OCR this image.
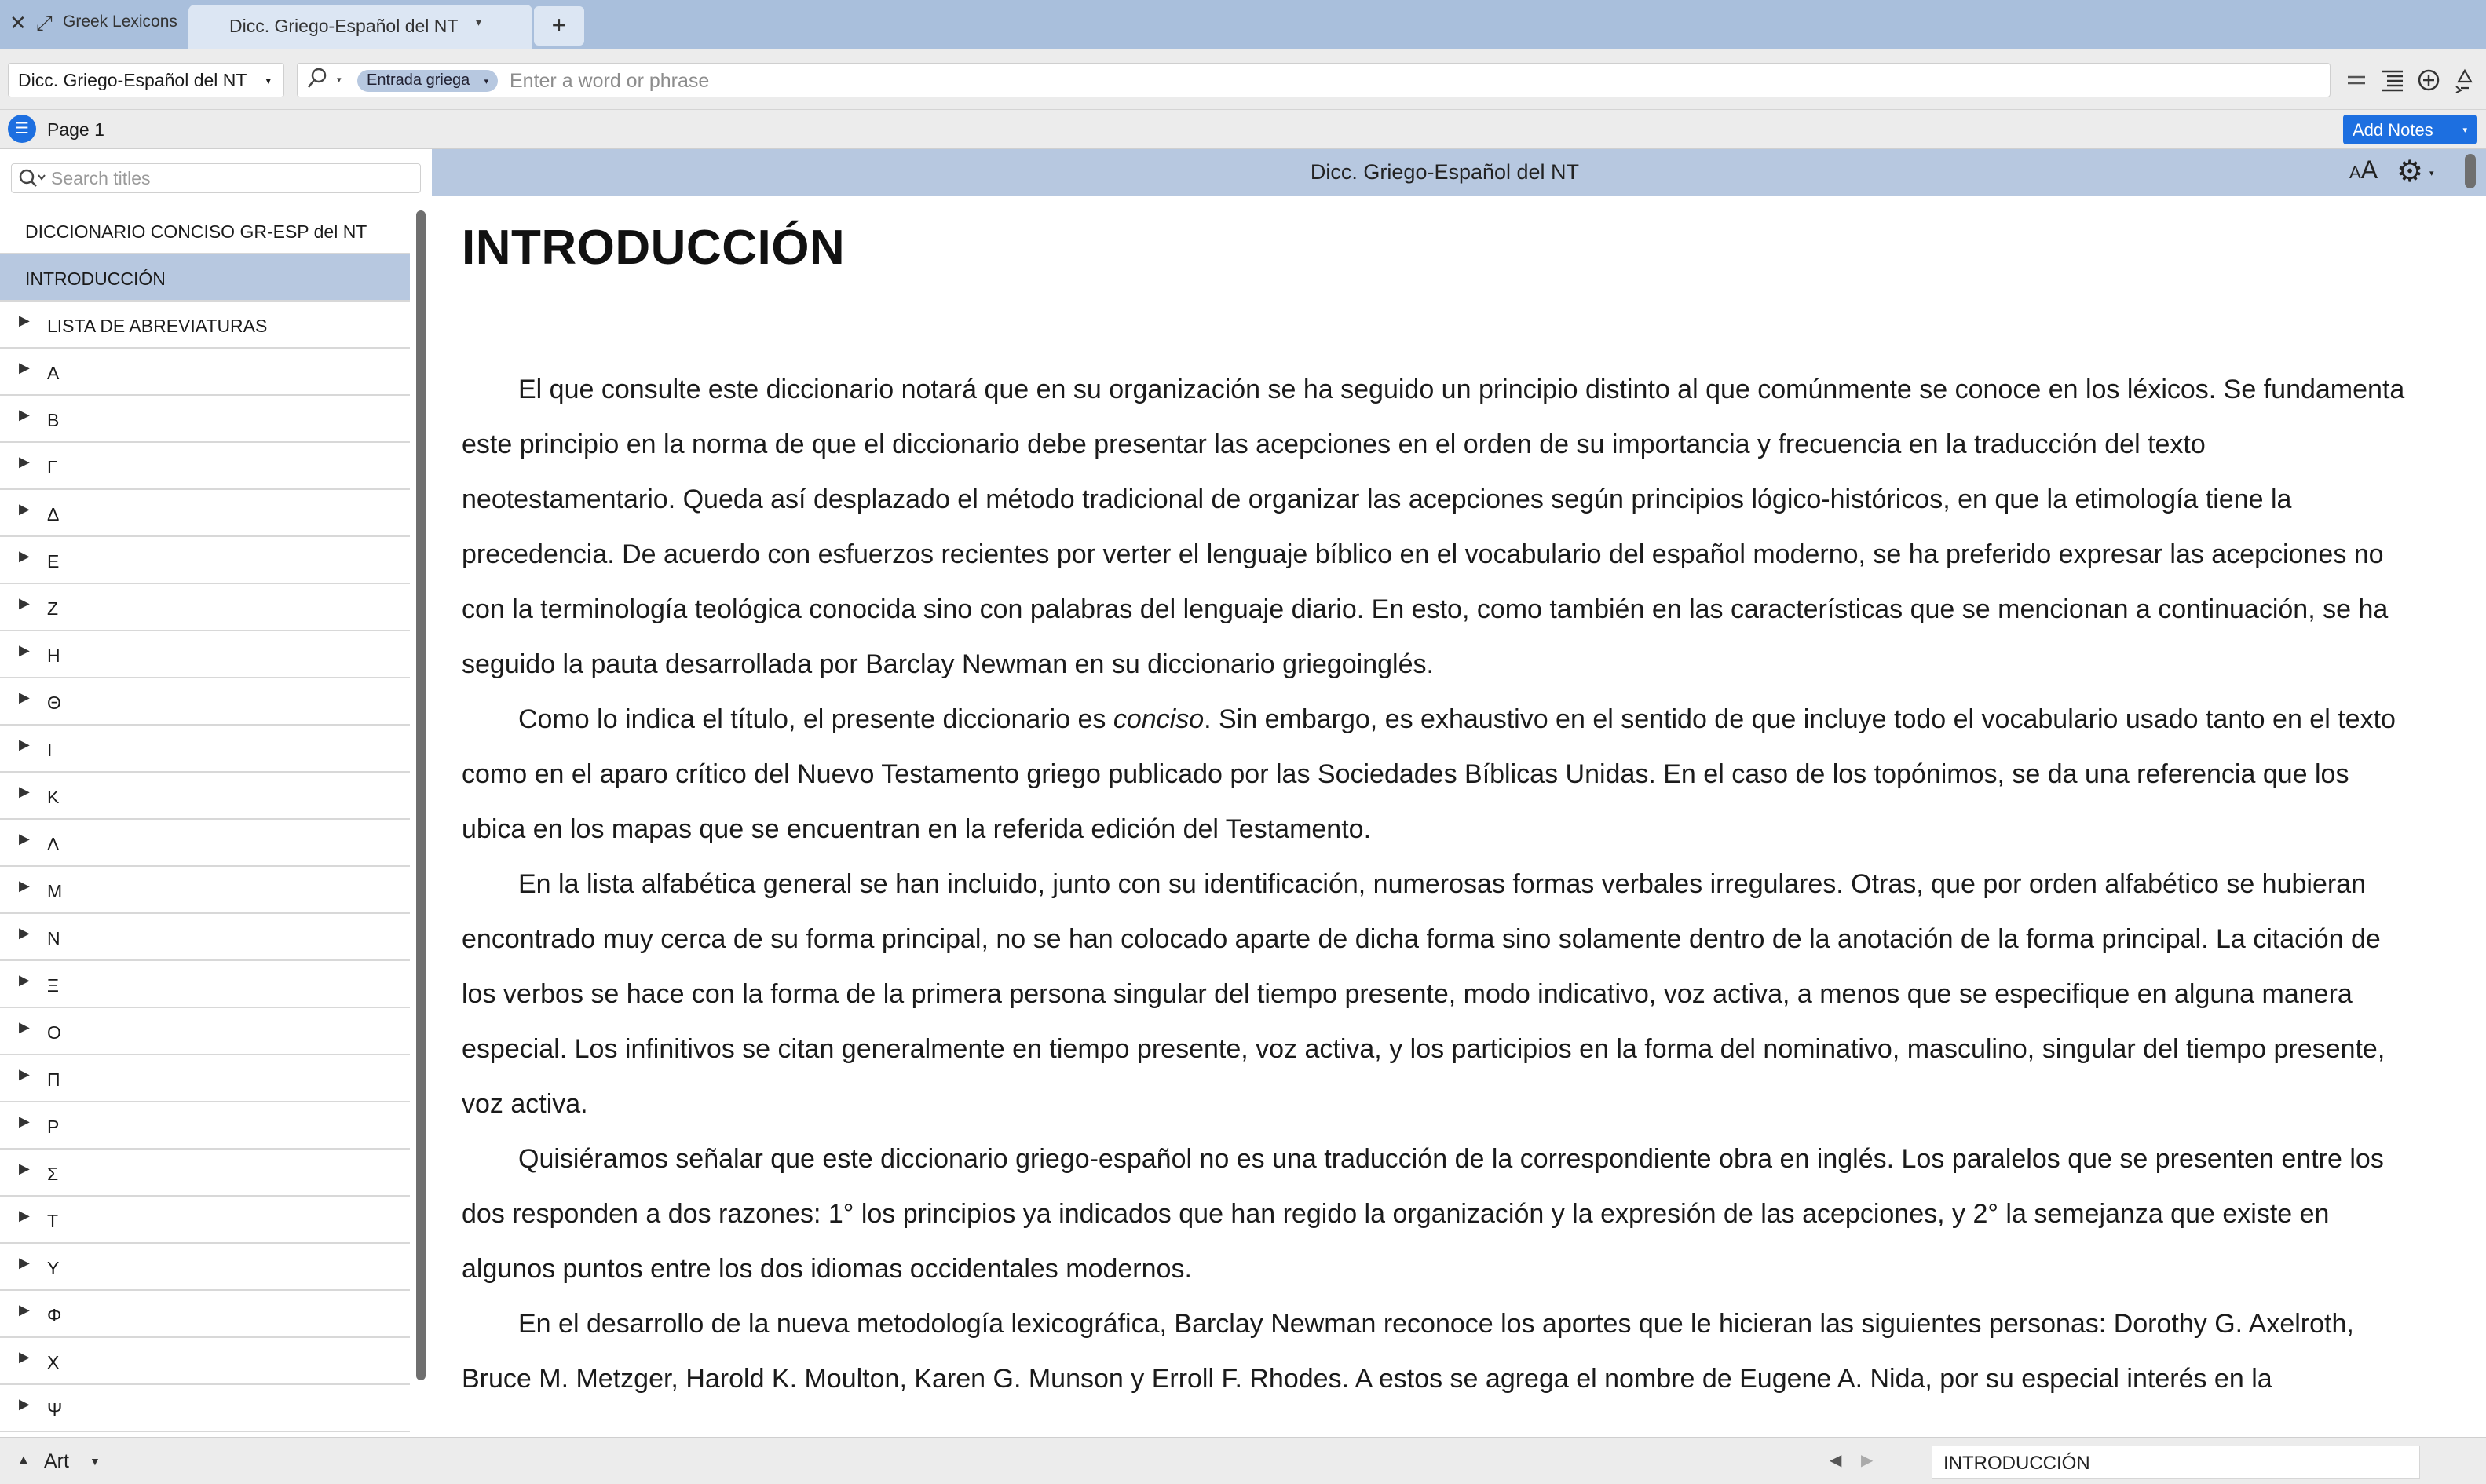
✕ ⤢ Greek Lexicons	Dicc. Griego-Español del NT ▾	+
Dicc. Griego-Español del NT ▾	▾	Entrada griega ▾
Enter a word or phrase
☰	Page 1	Add Notes	▾
Search titles
DICCIONARIO CONCISO GR-ESP del NT
INTRODUCCIÓN
▶ LISTA DE ABREVIATURAS
▶ A
▶ B
▶ Γ
▶ Δ
▶ E
▶ Z
▶ H
▶ Θ
▶ I
▶ K
▶ Λ
▶ M
▶ N
▶ Ξ
▶ O
▶ Π
▶ P
▶ Σ
▶ T
▶ Y
▶ Φ
▶ X
▶ Ψ
Dicc. Griego-Español del NT	AA ⚙ ▾
INTRODUCCIÓN

El que consulte este diccionario notará que en su organización se ha seguido un principio distinto al que comúnmente se conoce en los léxicos. Se fundamenta este principio en la norma de que el diccionario debe presentar las acepciones en el orden de su importancia y frecuencia en la traducción del texto neotestamentario. Queda así desplazado el método tradicional de organizar las acepciones según principios lógico-históricos, en que la etimología tiene la precedencia. De acuerdo con esfuerzos recientes por verter el lenguaje bíblico en el vocabulario del español moderno, se ha preferido expresar las acepciones no con la terminología teológica conocida sino con palabras del lenguaje diario. En esto, como también en las características que se mencionan a continuación, se ha seguido la pauta desarrollada por Barclay Newman en su diccionario griegoinglés.

Como lo indica el título, el presente diccionario es conciso. Sin embargo, es exhaustivo en el sentido de que incluye todo el vocabulario usado tanto en el texto como en el aparo crítico del Nuevo Testamento griego publicado por las Sociedades Bíblicas Unidas. En el caso de los topónimos, se da una referencia que los ubica en los mapas que se encuentran en la referida edición del Testamento.

En la lista alfabética general se han incluido, junto con su identificación, numerosas formas verbales irregulares. Otras, que por orden alfabético se hubieran encontrado muy cerca de su forma principal, no se han colocado aparte de dicha forma sino solamente dentro de la anotación de la forma principal. La citación de los verbos se hace con la forma de la primera persona singular del tiempo presente, modo indicativo, voz activa, a menos que se especifique en alguna manera especial. Los infinitivos se citan generalmente en tiempo presente, voz activa, y los participios en la forma del nominativo, masculino, singular del tiempo presente, voz activa.

Quisiéramos señalar que este diccionario griego-español no es una traducción de la correspondiente obra en inglés. Los paralelos que se presenten entre los dos responden a dos razones: 1° los principios ya indicados que han regido la organización y la expresión de las acepciones, y 2° la semejanza que existe en algunos puntos entre los dos idiomas occidentales modernos.

En el desarrollo de la nueva metodología lexicográfica, Barclay Newman reconoce los aportes que le hicieran las siguientes personas: Dorothy G. Axelroth, Bruce M. Metzger, Harold K. Moulton, Karen G. Munson y Erroll F. Rhodes. A estos se agrega el nombre de Eugene A. Nida, por su especial interés en la

▲ Art ▼	◀ ▶	INTRODUCCIÓN
